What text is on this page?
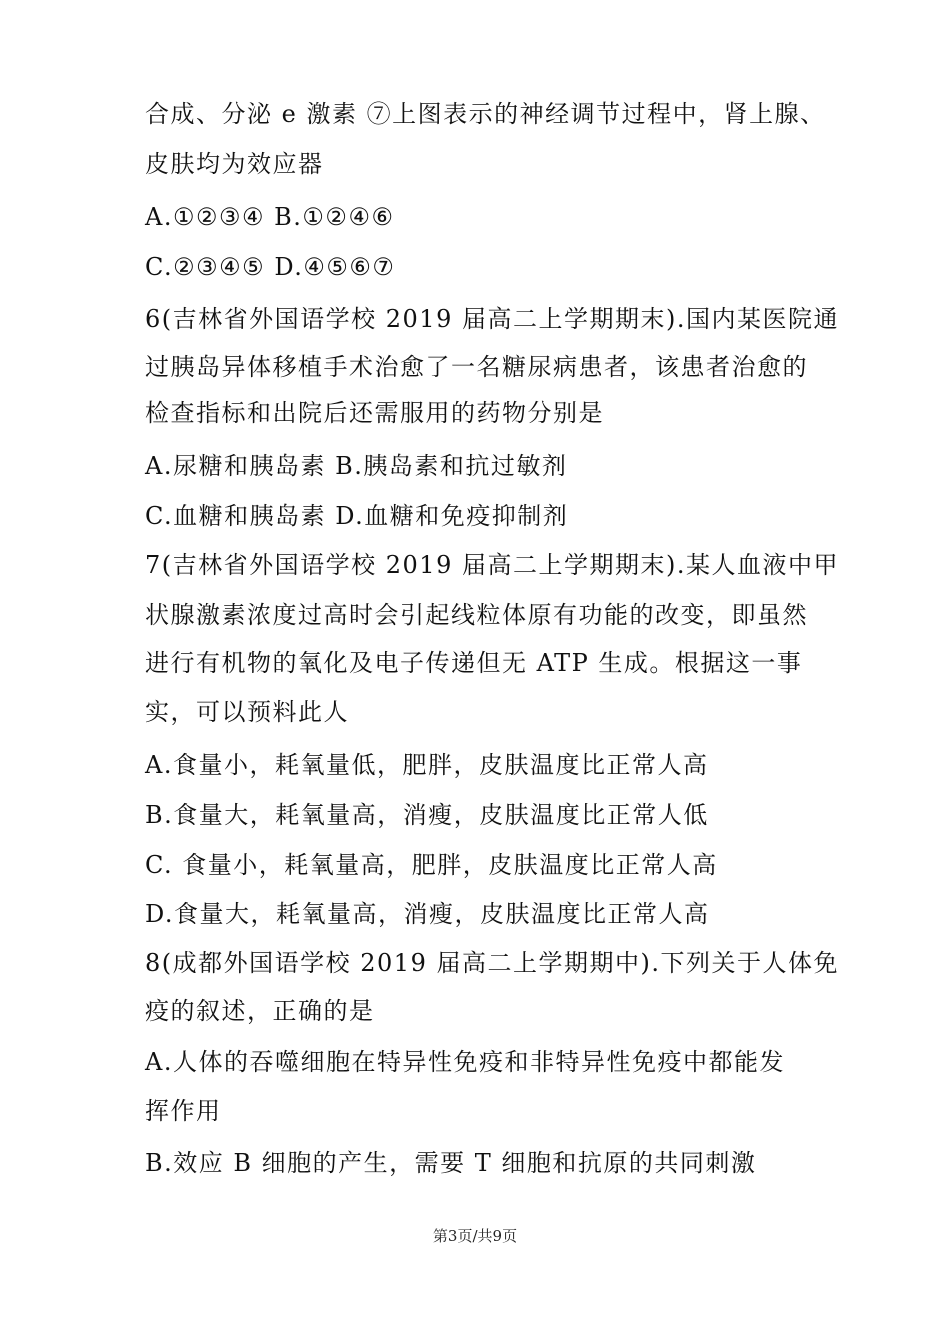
合成、分泌 e 激素 ⑦上图表示的神经调节过程中，肾上腺、
皮肤均为效应器
A.①②③④ B.①②④⑥
C.②③④⑤ D.④⑤⑥⑦
6(吉林省外国语学校 2019 届高二上学期期末).国内某医院通
过胰岛异体移植手术治愈了一名糖尿病患者，该患者治愈的
检查指标和出院后还需服用的药物分别是
A.尿糖和胰岛素 B.胰岛素和抗过敏剂
C.血糖和胰岛素 D.血糖和免疫抑制剂
7(吉林省外国语学校 2019 届高二上学期期末).某人血液中甲
状腺激素浓度过高时会引起线粒体原有功能的改变，即虽然
进行有机物的氧化及电子传递但无 ATP 生成。根据这一事
实，可以预料此人
A.食量小，耗氧量低，肥胖，皮肤温度比正常人高
B.食量大，耗氧量高，消瘦，皮肤温度比正常人低
C. 食量小，耗氧量高，肥胖，皮肤温度比正常人高
D.食量大，耗氧量高，消瘦，皮肤温度比正常人高
8(成都外国语学校 2019 届高二上学期期中).下列关于人体免
疫的叙述，正确的是
A.人体的吞噬细胞在特异性免疫和非特异性免疫中都能发
挥作用
B.效应 B 细胞的产生，需要 T 细胞和抗原的共同刺激
第3页/共9页
